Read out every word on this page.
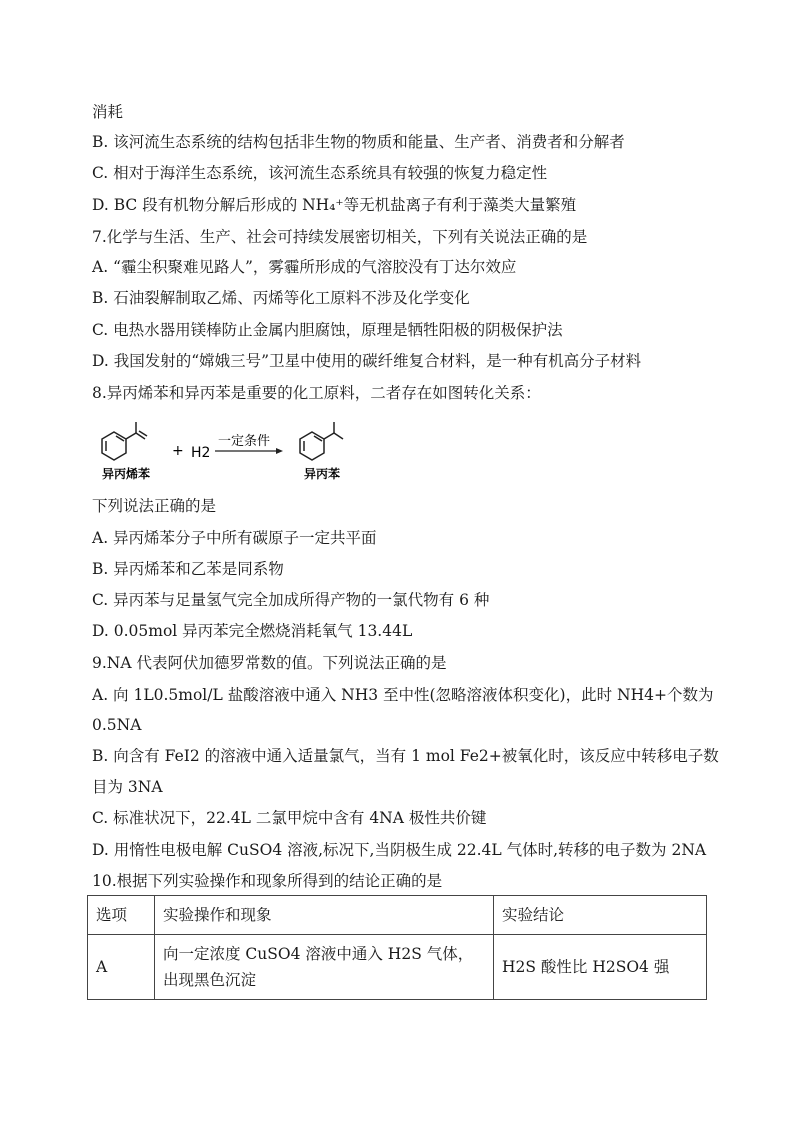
消耗
B. 该河流生态系统的结构包括非生物的物质和能量、生产者、消费者和分解者
C. 相对于海洋生态系统，该河流生态系统具有较强的恢复力稳定性
D. BC 段有机物分解后形成的 NH₄⁺等无机盐离子有利于藻类大量繁殖
7.化学与生活、生产、社会可持续发展密切相关，下列有关说法正确的是
A. “霾尘积聚难见路人”，雾霾所形成的气溶胶没有丁达尔效应
B. 石油裂解制取乙烯、丙烯等化工原料不涉及化学变化
C. 电热水器用镁棒防止金属内胆腐蚀，原理是牺牲阳极的阴极保护法
D. 我国发射的“嫦娥三号”卫星中使用的碳纤维复合材料，是一种有机高分子材料
8.异丙烯苯和异丙苯是重要的化工原料，二者存在如图转化关系：
异丙烯苯
+ H2
一定条件
异丙苯
下列说法正确的是
A. 异丙烯苯分子中所有碳原子一定共平面
B. 异丙烯苯和乙苯是同系物
C. 异丙苯与足量氢气完全加成所得产物的一氯代物有 6 种
D. 0.05mol 异丙苯完全燃烧消耗氧气 13.44L
9.NA 代表阿伏加德罗常数的值。下列说法正确的是
A. 向 1L0.5mol/L 盐酸溶液中通入 NH3 至中性(忽略溶液体积变化)，此时 NH4+个数为
0.5NA
B. 向含有 FeI2 的溶液中通入适量氯气，当有 1 mol Fe2+被氧化时，该反应中转移电子数
目为 3NA
C. 标准状况下，22.4L 二氯甲烷中含有 4NA 极性共价键
D. 用惰性电极电解 CuSO4 溶液,标况下,当阴极生成 22.4L 气体时,转移的电子数为 2NA
10.根据下列实验操作和现象所得到的结论正确的是
选项	实验操作和现象	实验结论
A	向一定浓度 CuSO4 溶液中通入 H2S 气体，出现黑色沉淀	H2S 酸性比 H2SO4 强
